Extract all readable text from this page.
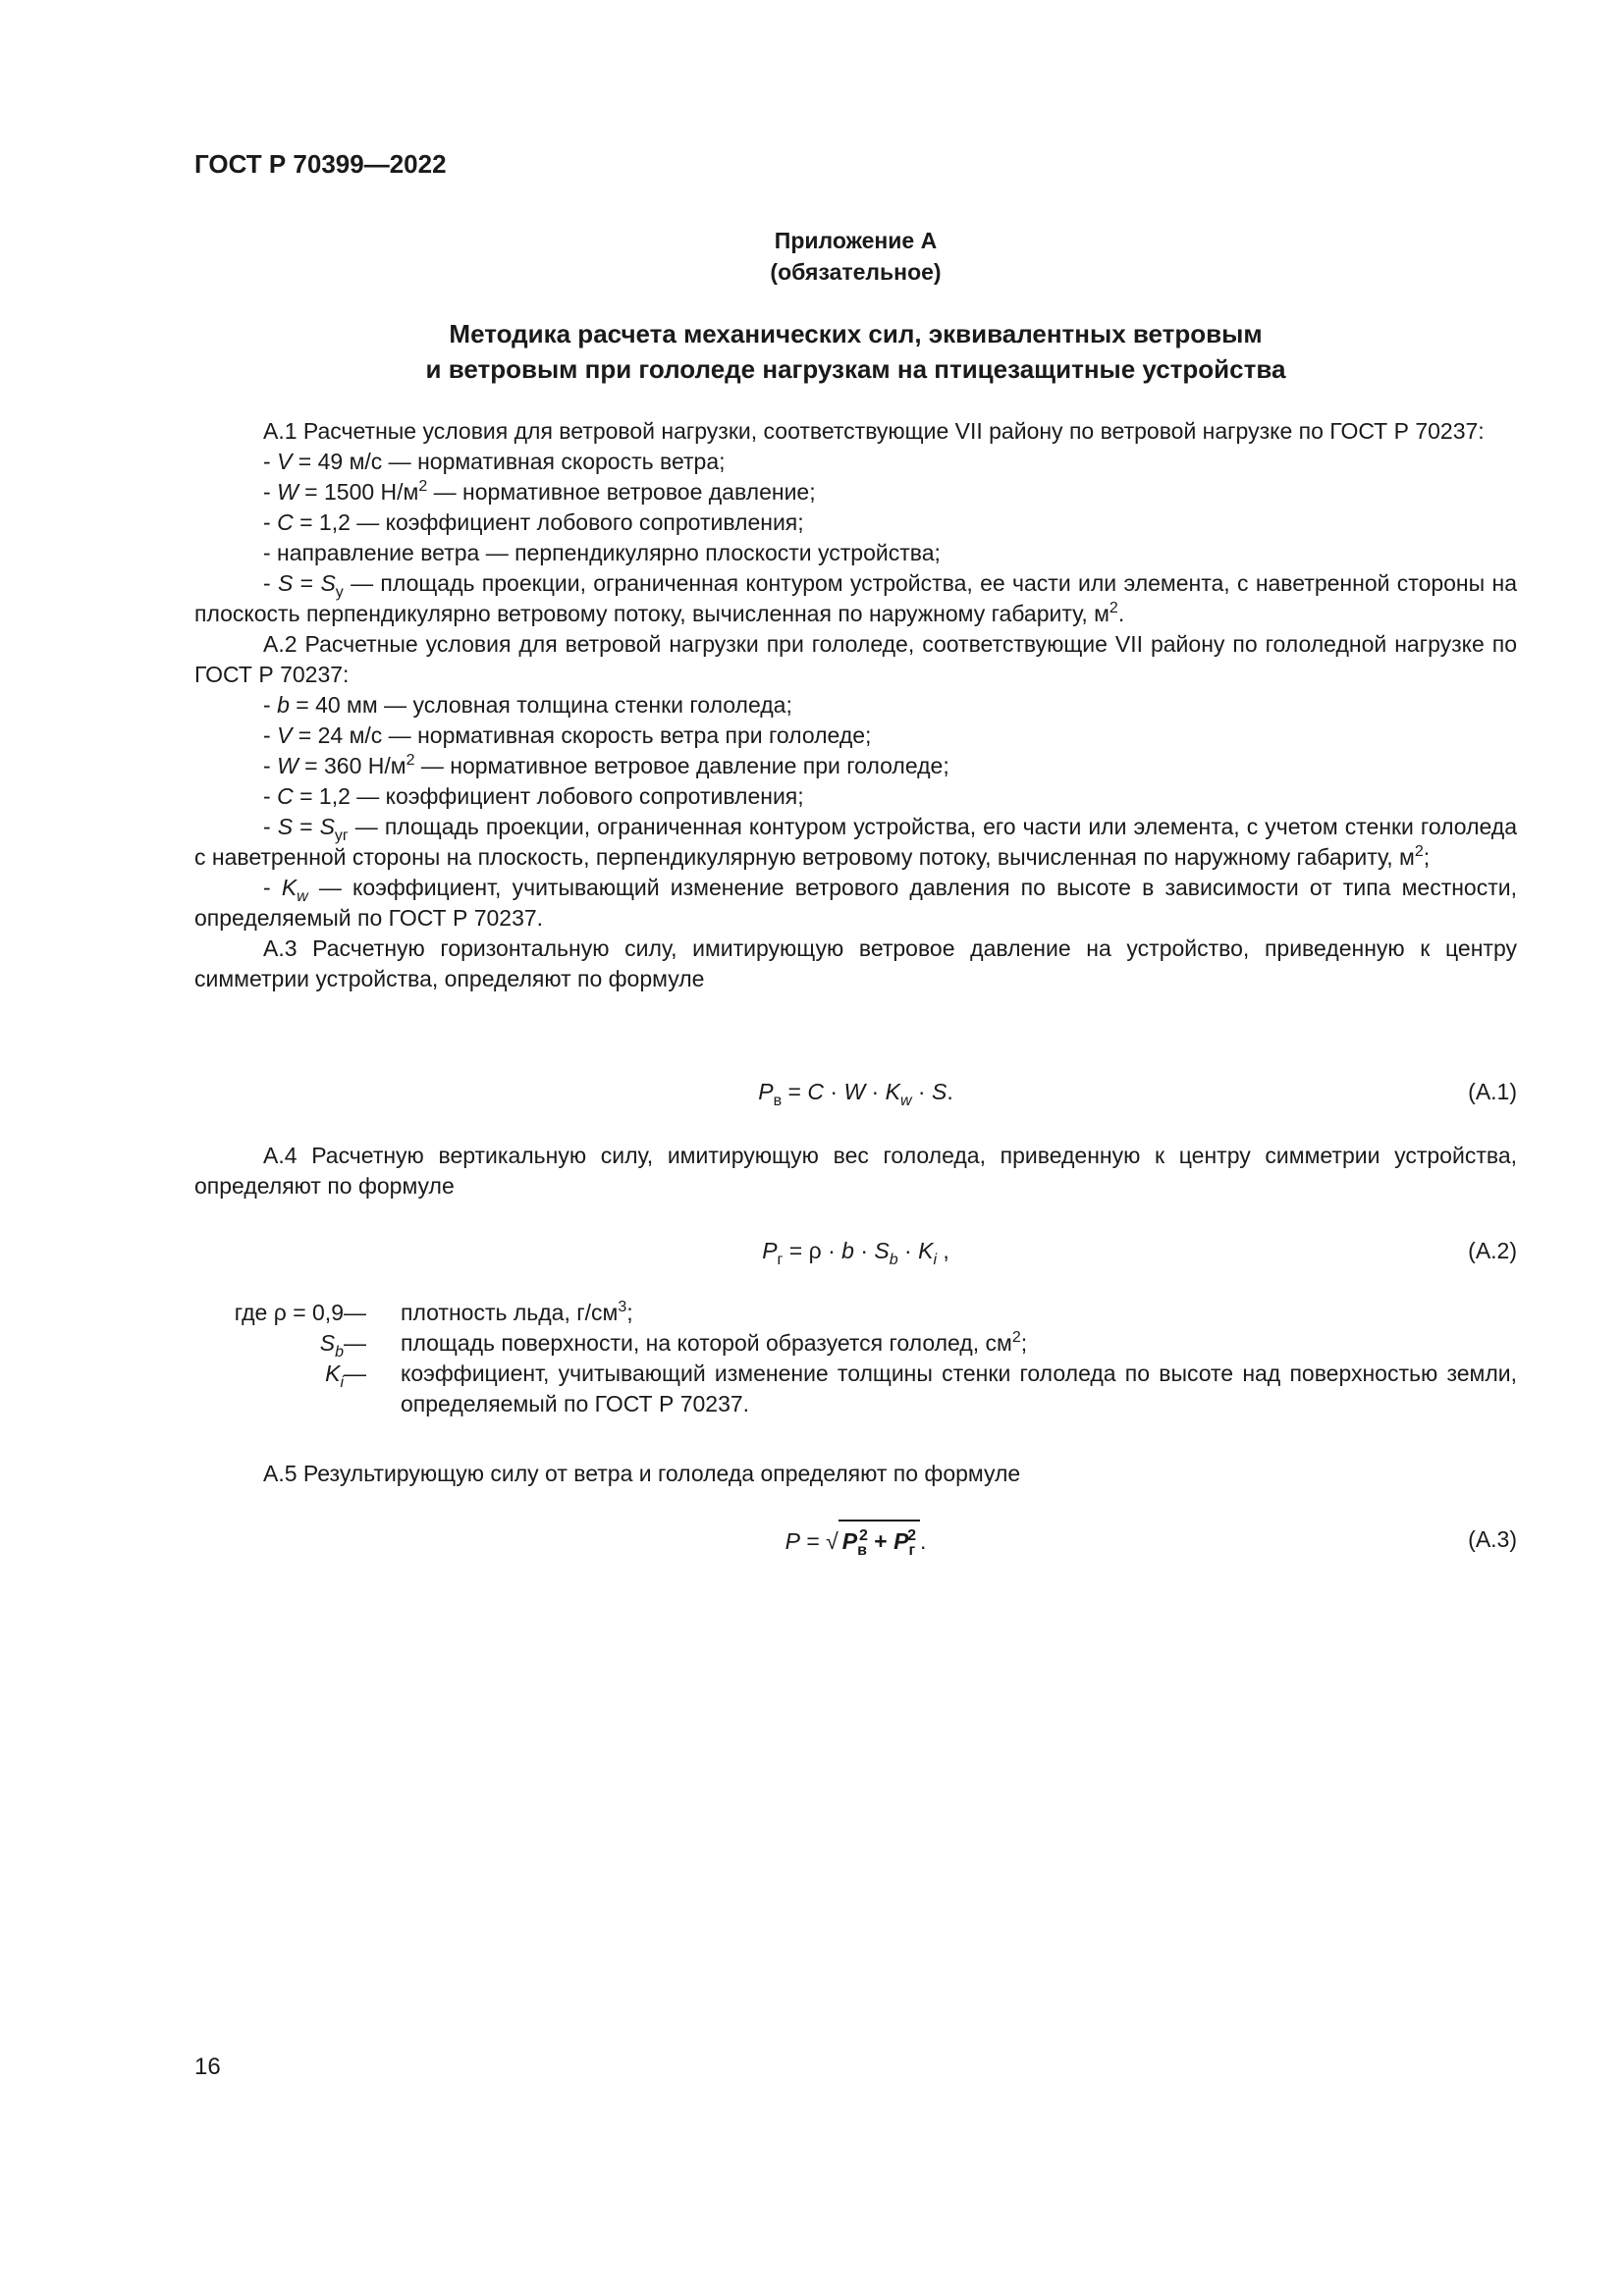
ГОСТ Р 70399—2022
Приложение А
(обязательное)
Методика расчета механических сил, эквивалентных ветровым
и ветровым при гололеде нагрузкам на птицезащитные устройства

А.1 Расчетные условия для ветровой нагрузки, соответствующие VII району по ветровой нагрузке по ГОСТ Р 70237:

- V = 49 м/с — нормативная скорость ветра;

- W = 1500 $Н/м^2$ — нормативное ветровое давление;

- C = 1,2 — коэффициент лобового сопротивления;

- направление ветра — перпендикулярно плоскости устройства;

- $S = S_у$ — площадь проекции, ограниченная контуром устройства, ее части или элемента, с наветренной стороны на плоскость перпендикулярно ветровому потоку, вычисленная по наружному габариту, $м^2$.

А.2 Расчетные условия для ветровой нагрузки при гололеде, соответствующие VII району по гололедной нагрузке по ГОСТ Р 70237:

- b = 40 мм — условная толщина стенки гололеда;

- V = 24 м/с — нормативная скорость ветра при гололеде;

- W = 360 $Н/м^2$ — нормативное ветровое давление при гололеде;

- C = 1,2 — коэффициент лобового сопротивления;

- $S = S_{уг}$ — площадь проекции, ограниченная контуром устройства, его части или элемента, с учетом стенки гололеда с наветренной стороны на плоскость, перпендикулярную ветровому потоку, вычисленная по наружному габариту, $м^2$;

- $K_w$ — коэффициент, учитывающий изменение ветрового давления по высоте в зависимости от типа местности, определяемый по ГОСТ Р 70237.

А.3 Расчетную горизонтальную силу, имитирующую ветровое давление на устройство, приведенную к центру симметрии устройства, определяют по формуле

$P_в = C \cdot W \cdot K_w \cdot S$.	(А.1)

А.4 Расчетную вертикальную силу, имитирующую вес гололеда, приведенную к центру симметрии устройства, определяют по формуле

$P_г = \rho \cdot b \cdot S_b \cdot K_i$ ,	(А.2)
где ρ = 0,9 — плотность льда, $г/см^3$;
$S_b$ — площадь поверхности, на которой образуется гололед, $см^2$;
$K_i$ — коэффициент, учитывающий изменение толщины стенки гололеда по высоте над поверхностью земли, определяемый по ГОСТ Р 70237.

А.5 Результирующую силу от ветра и гололеда определяют по формуле

P = √ $P_в^2 + P_г^2$ .	(А.3)
16
